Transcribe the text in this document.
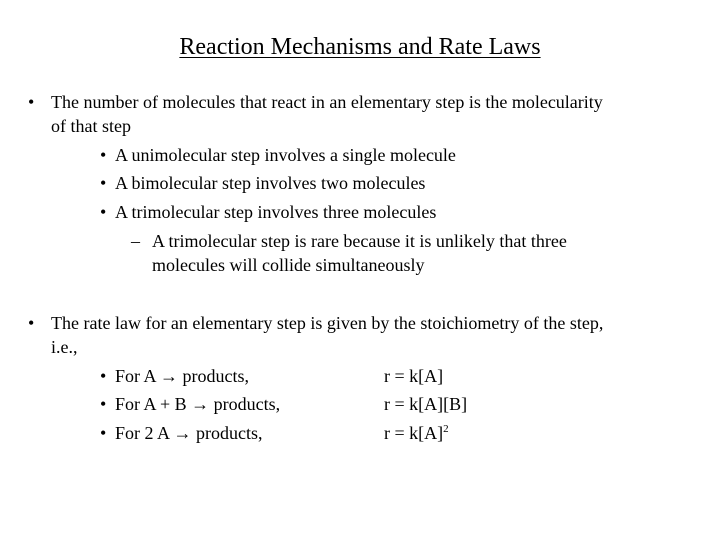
Reaction Mechanisms and Rate Laws
• The number of molecules that react in an elementary step is the molecularity
of that step
• A unimolecular step involves a single molecule
• A bimolecular step involves two molecules
• A trimolecular step involves three molecules
– A trimolecular step is rare because it is unlikely that three
molecules will collide simultaneously
• The rate law for an elementary step is given by the stoichiometry of the step,
i.e.,
• For A → products,	r = k[A]
• For A + B → products,	r = k[A][B]
• For 2 A → products,	$r = k[A]^2$
